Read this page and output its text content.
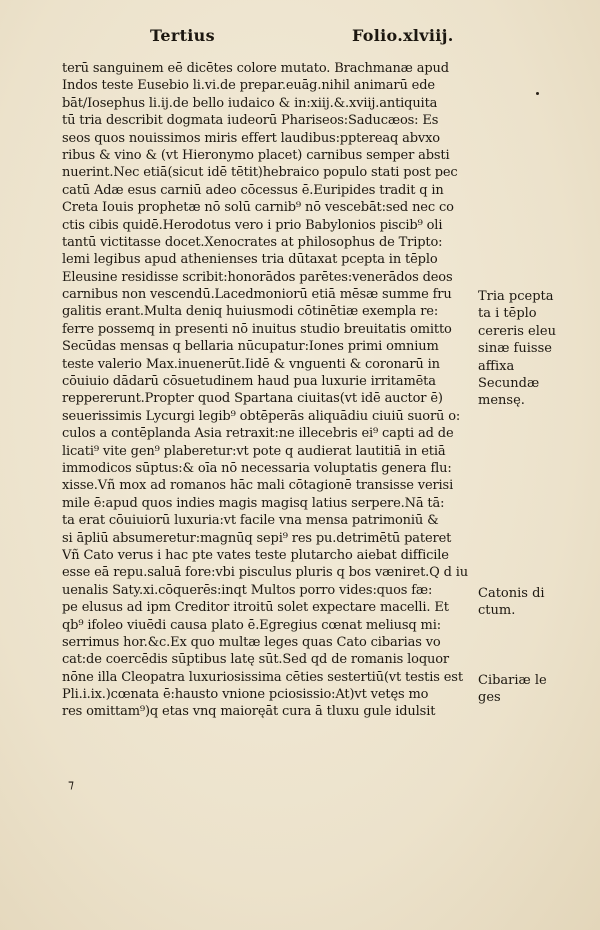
Tertius	Folio.xlviij.
terū sanguinem eē dicētes colore mutato. Brachmanæ apud
Indos teste Eusebio li.vi.de prepar.euāg.nihil animarū ede
bāt/Iosephus li.ij.de bello iudaico & in:xiij.&.xviij.antiquita
tū tria describit dogmata iudeorū Phariseos:Saducæos: Es
seos quos nouissimos miris effert laudibus:pptereaq abvxo
ribus & vino & (vt Hieronymo placet) carnibus semper absti
nuerint.Nec etiā(sicut idē tētit)hebraico populo stati post pec
catū Adæ esus carniū adeo cōcessus ē.Euripides tradit q in
Creta Iouis prophetæ nō solū carnib⁹ nō vescebāt:sed nec co
ctis cibis quidē.Herodotus vero i prio Babylonios piscib⁹ oli
tantū victitasse docet.Xenocrates at philosophus de Tripto:
lemi legibus apud athenienses tria dūtaxat pcepta in tēplo
Eleusine residisse scribit:honorādos parētes:venerādos deos
carnibus non vescendū.Lacedmoniorū etiā mēsæ summe fru
galitis erant.Multa deniq huiusmodi cōtinētiæ exempla re:
ferre possemq in presenti nō inuitus studio breuitatis omitto
Secūdas mensas q bellaria nūcupatur:Iones primi omnium
teste valerio Max.inuenerūt.Iidē & vnguenti & coronarū in
cōuiuio dādarū cōsuetudinem haud pua luxurie irritamēta
reppererunt.Propter quod Spartana ciuitas(vt idē auctor ē)
seuerissimis Lycurgi legib⁹ obtēperās aliquādiu ciuiū suorū o:
culos a contēplanda Asia retraxit:ne illecebris ei⁹ capti ad de
licati⁹ vite gen⁹ plaberetur:vt pote q audierat lautitiā in etiā
immodicos sūptus:& oīa nō necessaria voluptatis genera flu:
xisse.Vñ mox ad romanos hāc mali cōtagionē transisse verisi
mile ē:apud quos indies magis magisq latius serpere.Nā tā:
ta erat cōuiuiorū luxuria:vt facile vna mensa patrimoniū &
si āpliū absumeretur:magnūq sepi⁹ res pu.detrimētū pateret
Vñ Cato verus i hac pte vates teste plutarcho aiebat difficile
esse eā repu.saluā fore:vbi pisculus pluris q bos væniret.Q d iu
uenalis Saty.xi.cōquerēs:inqt Multos porro vides:quos fæ:
pe elusus ad ipm Creditor itroitū solet expectare macelli. Et
qb⁹ ifoleo viuēdi causa plato ē.Egregius cœnat meliusq mi:
serrimus hor.&c.Ex quo multæ leges quas Cato cibarias vo
cat:de coercēdis sūptibus latę sūt.Sed qd de romanis loquor
nōne illa Cleopatra luxuriosissima cēties sestertiū(vt testis est
Pli.i.ix.)cœnata ē:hausto vnione pciosissio:At)vt vetęs mo
res omittam⁹)q etas vnq maioręāt cura ā tluxu gule idulsit
Tria pcepta
ta i tēplo
cereris eleu
sinæ fuisse
affixa
Secundæ
mensę.
Catonis di
ctum.
Cibariæ le
ges
⁊
